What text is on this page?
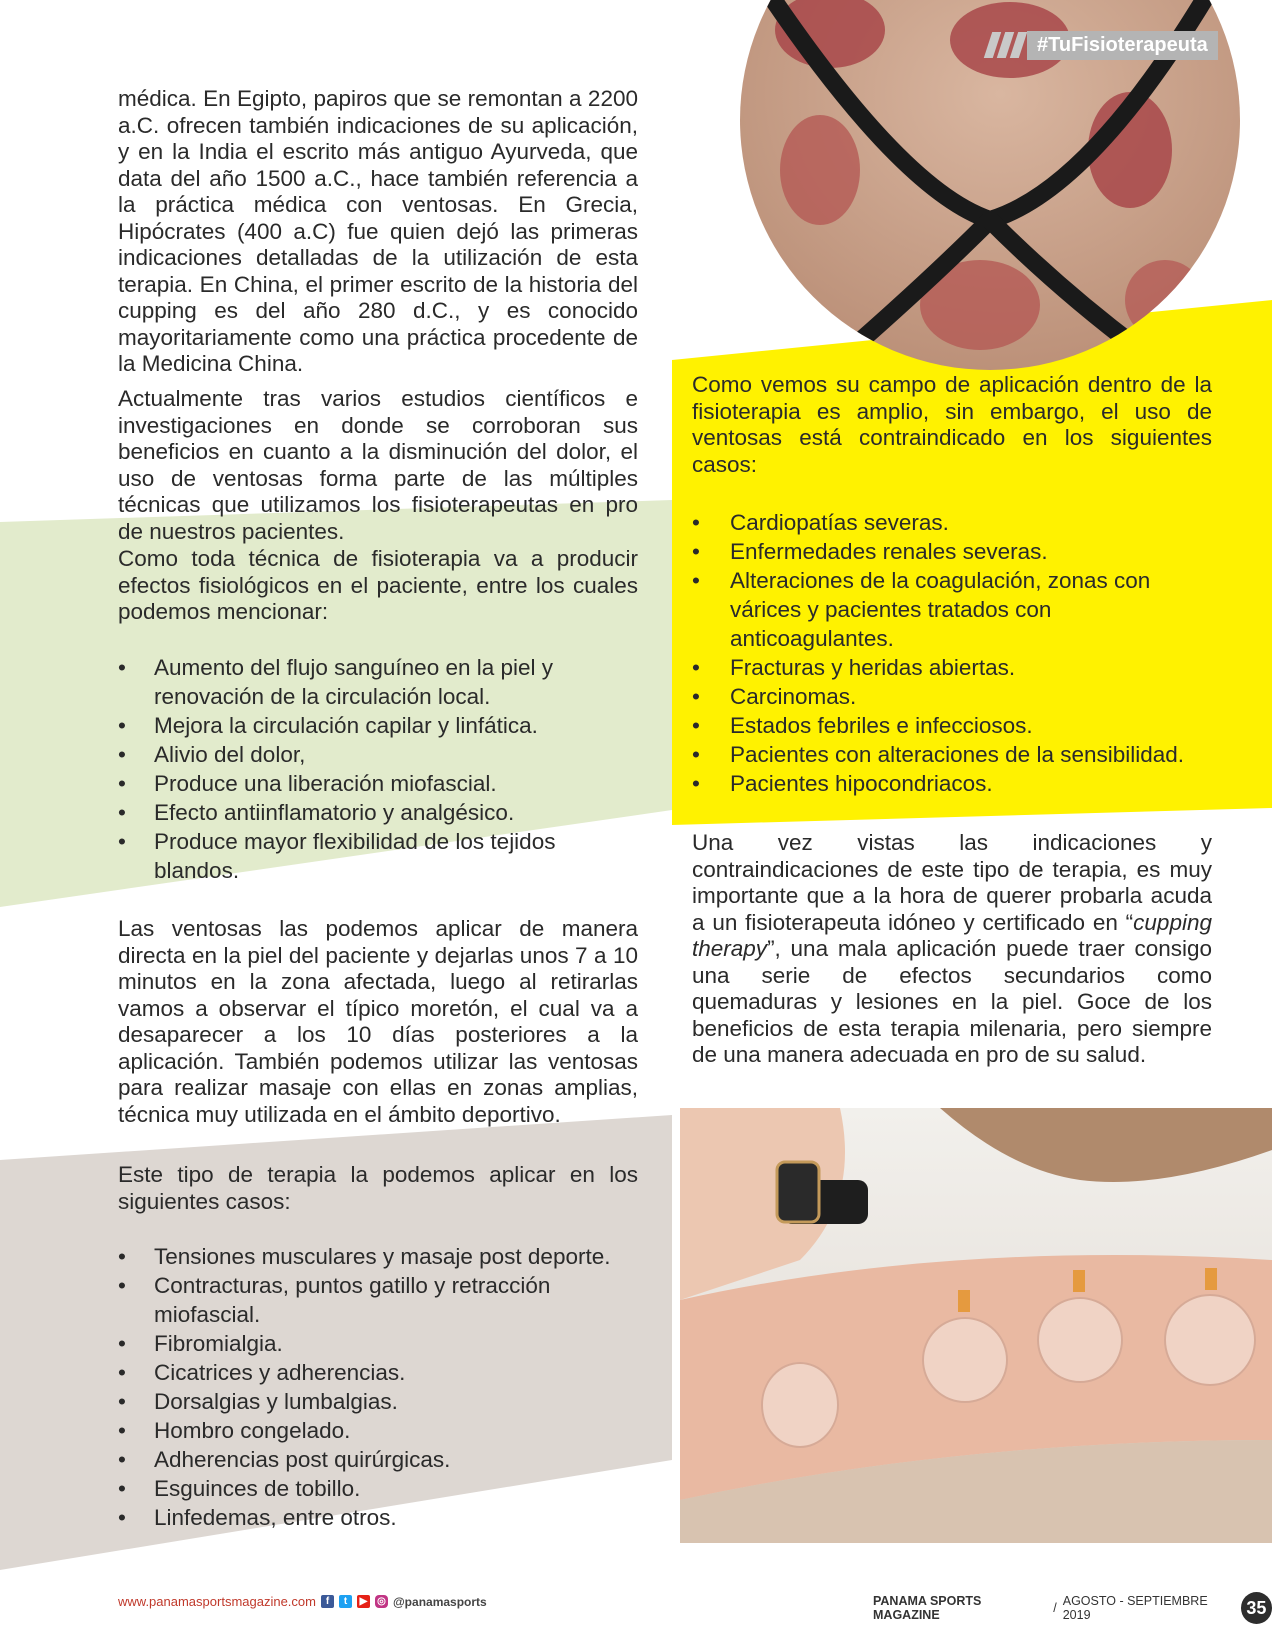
#TuFisioterapeuta

médica. En Egipto, papiros que se remontan a 2200 a.C. ofrecen también indicaciones de su aplicación, y en la India el escrito más antiguo Ayurveda, que data del año 1500 a.C., hace también referencia a la práctica médica con ventosas. En Grecia, Hipócrates (400 a.C) fue quien dejó las primeras indicaciones detalladas de la utilización de esta terapia. En China, el primer escrito de la historia del cupping es del año 280 d.C., y es conocido mayoritariamente como una práctica procedente de la Medicina China.

Actualmente tras varios estudios científicos e investigaciones en donde se corroboran sus beneficios en cuanto a la disminución del dolor, el uso de ventosas forma parte de las múltiples técnicas que utilizamos los fisioterapeutas en pro de nuestros pacientes.

Como toda técnica de fisioterapia va a producir efectos fisiológicos en el paciente, entre los cuales podemos mencionar:

• Aumento del flujo sanguíneo en la piel y renovación de la circulación local.
• Mejora la circulación capilar y linfática.
• Alivio del dolor,
• Produce una liberación miofascial.
• Efecto antiinflamatorio y analgésico.
• Produce mayor flexibilidad de los tejidos blandos.

Las ventosas las podemos aplicar de manera directa en la piel del paciente y dejarlas unos 7 a 10 minutos en la zona afectada, luego al retirarlas vamos a observar el típico moretón, el cual va a desaparecer a los 10 días posteriores a la aplicación. También podemos utilizar las ventosas para realizar masaje con ellas en zonas amplias, técnica muy utilizada en el ámbito deportivo.

Este tipo de terapia la podemos aplicar en los siguientes casos:

• Tensiones musculares y masaje post deporte.
• Contracturas, puntos gatillo y retracción miofascial.
• Fibromialgia.
• Cicatrices y adherencias.
• Dorsalgias y lumbalgias.
• Hombro congelado.
• Adherencias post quirúrgicas.
• Esguinces de tobillo.
• Linfedemas, entre otros.

Como vemos su campo de aplicación dentro de la fisioterapia es amplio, sin embargo, el uso de ventosas está contraindicado en los siguientes casos:

• Cardiopatías severas.
• Enfermedades renales severas.
• Alteraciones de la coagulación, zonas con várices y pacientes tratados con anticoagulantes.
• Fracturas y heridas abiertas.
• Carcinomas.
• Estados febriles e infecciosos.
• Pacientes con alteraciones de la sensibilidad.
• Pacientes hipocondriacos.

Una vez vistas las indicaciones y contraindicaciones de este tipo de terapia, es muy importante que a la hora de querer probarla acuda a un fisioterapeuta idóneo y certificado en “cupping therapy”, una mala aplicación puede traer consigo una serie de efectos secundarios como quemaduras y lesiones en la piel. Goce de los beneficios de esta terapia milenaria, pero siempre de una manera adecuada en pro de su salud.

www.panamasportsmagazine.com f	t	▶ ◎ @panamasports	PANAMA SPORTS MAGAZINE	/ AGOSTO - SEPTIEMBRE 2019	35
